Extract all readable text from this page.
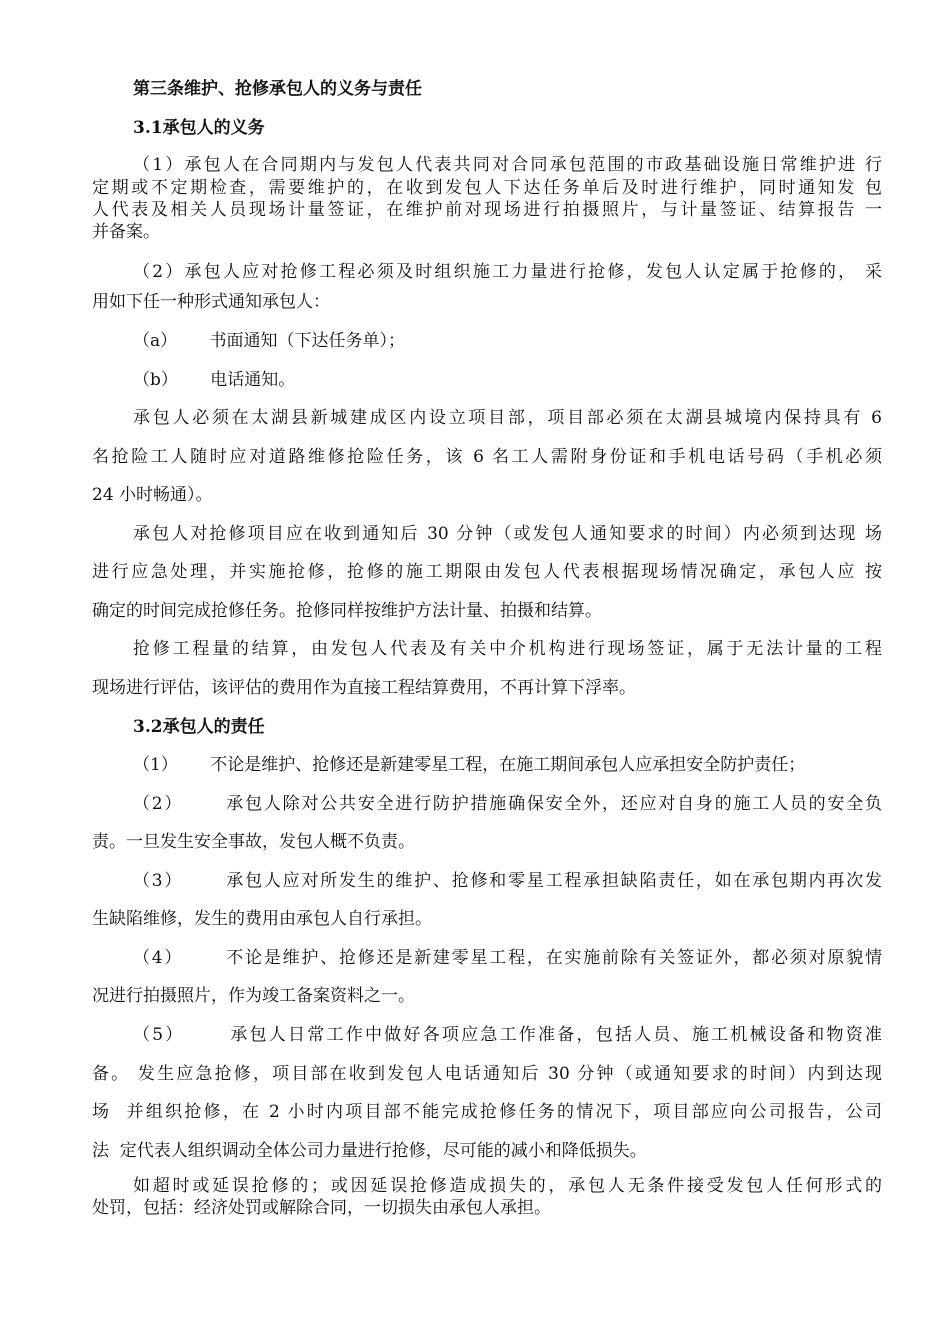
第三条维护、抢修承包人的义务与责任
3.1承包人的义务
（1）承包人在合同期内与发包人代表共同对合同承包范围的市政基础设施日常维护进 行
定期或不定期检查，需要维护的，在收到发包人下达任务单后及时进行维护，同时通知发 包
人代表及相关人员现场计量签证，在维护前对现场进行拍摄照片，与计量签证、结算报告 一
并备案。
（2）承包人应对抢修工程必须及时组织施工力量进行抢修，发包人认定属于抢修的， 采
用如下任一种形式通知承包人：
（a）      书面通知（下达任务单）；
（b）      电话通知。
承包人必须在太湖县新城建成区内设立项目部，项目部必须在太湖县城境内保持具有 6
名抢险工人随时应对道路维修抢险任务，该 6 名工人需附身份证和手机电话号码（手机必须
24 小时畅通）。
承包人对抢修项目应在收到通知后 30 分钟（或发包人通知要求的时间）内必须到达现 场
进行应急处理，并实施抢修，抢修的施工期限由发包人代表根据现场情况确定，承包人应 按
确定的时间完成抢修任务。抢修同样按维护方法计量、拍摄和结算。
抢修工程量的结算，由发包人代表及有关中介机构进行现场签证，属于无法计量的工程
现场进行评估，该评估的费用作为直接工程结算费用，不再计算下浮率。
3.2承包人的责任
（1）      不论是维护、抢修还是新建零星工程，在施工期间承包人应承担安全防护责任；
（2）      承包人除对公共安全进行防护措施确保安全外，还应对自身的施工人员的安全负
责。一旦发生安全事故，发包人概不负责。
（3）      承包人应对所发生的维护、抢修和零星工程承担缺陷责任，如在承包期内再次发
生缺陷维修，发生的费用由承包人自行承担。
（4）      不论是维护、抢修还是新建零星工程，在实施前除有关签证外，都必须对原貌情
况进行拍摄照片，作为竣工备案资料之一。
（5）      承包人日常工作中做好各项应急工作准备，包括人员、施工机械设备和物资准
备。 发生应急抢修，项目部在收到发包人电话通知后 30 分钟（或通知要求的时间）内到达现
场  并组织抢修，在 2 小时内项目部不能完成抢修任务的情况下，项目部应向公司报告，公司
法  定代表人组织调动全体公司力量进行抢修，尽可能的减小和降低损失。
如超时或延误抢修的；或因延误抢修造成损失的，承包人无条件接受发包人任何形式的
处罚，包括：经济处罚或解除合同，一切损失由承包人承担。
